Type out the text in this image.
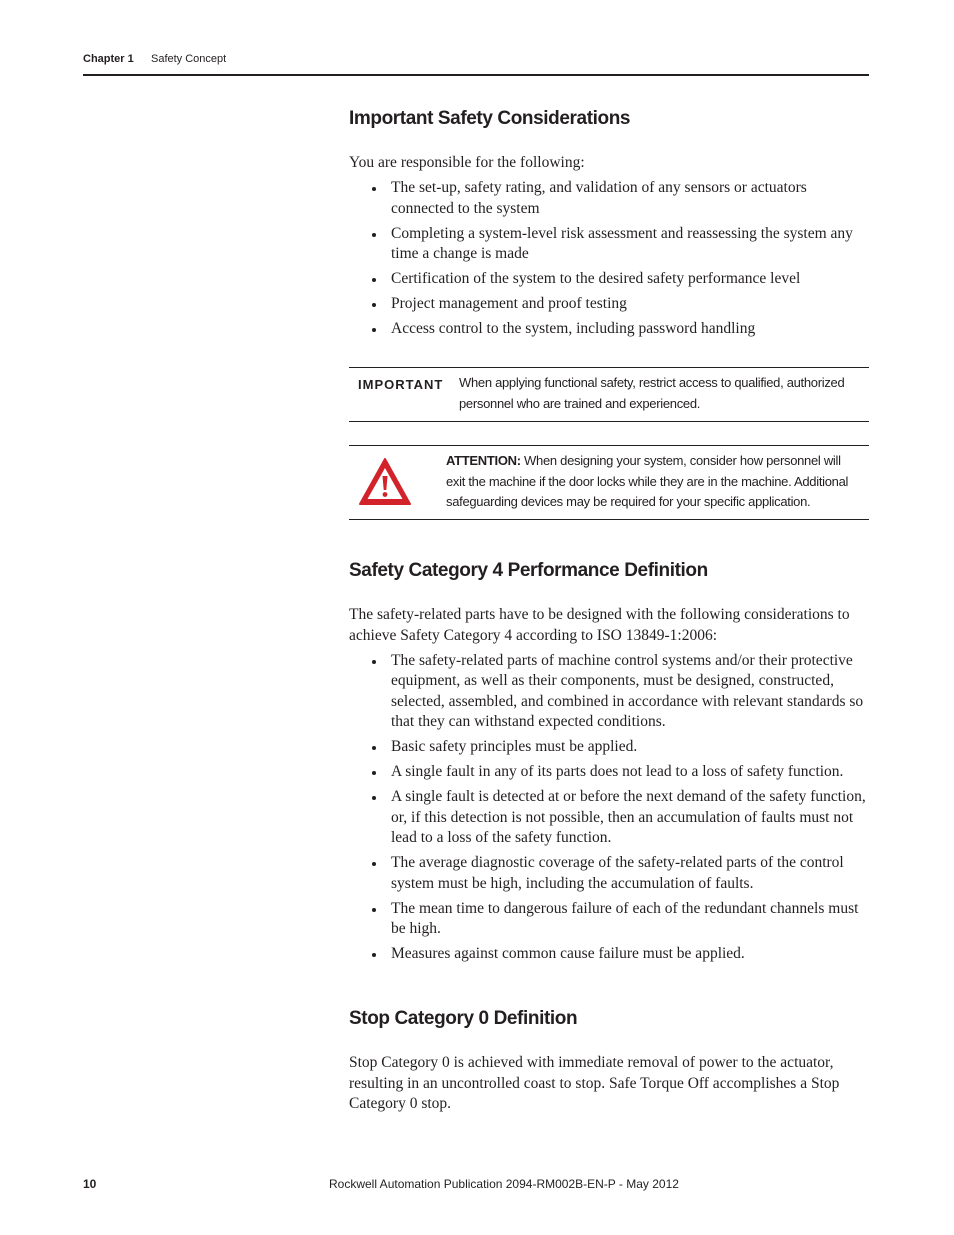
Chapter 1 Safety Concept
Important Safety Considerations

You are responsible for the following:

The set-up, safety rating, and validation of any sensors or actuators connected to the system
Completing a system-level risk assessment and reassessing the system any time a change is made
Certification of the system to the desired safety performance level
Project management and proof testing
Access control to the system, including password handling
IMPORTANT When applying functional safety, restrict access to qualified, authorized personnel who are trained and experienced.
ATTENTION: When designing your system, consider how personnel will exit the machine if the door locks while they are in the machine. Additional safeguarding devices may be required for your specific application.
Safety Category 4 Performance Definition

The safety-related parts have to be designed with the following considerations to achieve Safety Category 4 according to ISO 13849-1:2006:

The safety-related parts of machine control systems and/or their protective equipment, as well as their components, must be designed, constructed, selected, assembled, and combined in accordance with relevant standards so that they can withstand expected conditions.
Basic safety principles must be applied.
A single fault in any of its parts does not lead to a loss of safety function.
A single fault is detected at or before the next demand of the safety function, or, if this detection is not possible, then an accumulation of faults must not lead to a loss of the safety function.
The average diagnostic coverage of the safety-related parts of the control system must be high, including the accumulation of faults.
The mean time to dangerous failure of each of the redundant channels must be high.
Measures against common cause failure must be applied.
Stop Category 0 Definition

Stop Category 0 is achieved with immediate removal of power to the actuator, resulting in an uncontrolled coast to stop. Safe Torque Off accomplishes a Stop Category 0 stop.

10	Rockwell Automation Publication 2094-RM002B-EN-P - May 2012
